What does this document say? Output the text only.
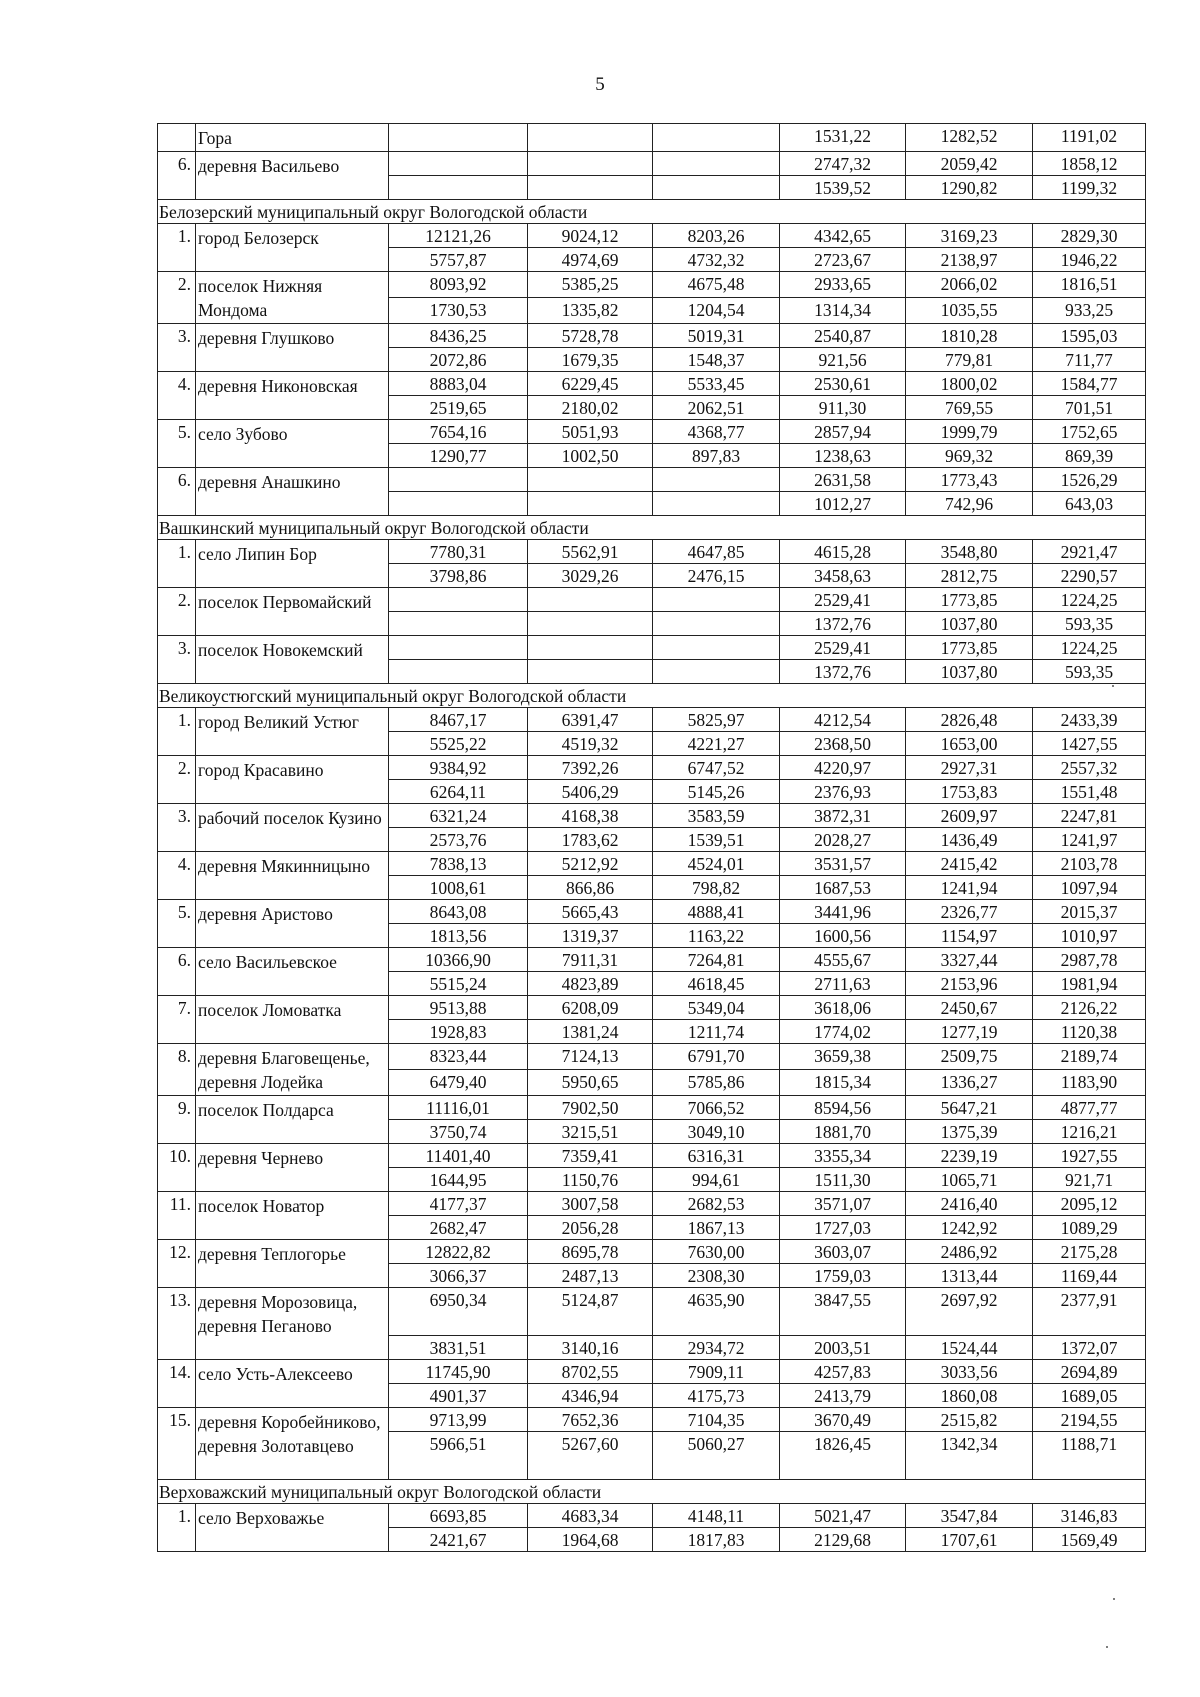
5
	Гора				1531,22	1282,52	1191,02
6.	деревня Васильево				2747,32	2059,42	1858,12
					1539,52	1290,82	1199,32
Белозерский муниципальный округ Вологодской области							
1.	город Белозерск	12121,26	9024,12	8203,26	4342,65	3169,23	2829,30
		5757,87	4974,69	4732,32	2723,67	2138,97	1946,22
2.	поселок Нижняя Мондома	8093,92	5385,25	4675,48	2933,65	2066,02	1816,51
		1730,53	1335,82	1204,54	1314,34	1035,55	933,25
3.	деревня Глушково	8436,25	5728,78	5019,31	2540,87	1810,28	1595,03
		2072,86	1679,35	1548,37	921,56	779,81	711,77
4.	деревня Никоновская	8883,04	6229,45	5533,45	2530,61	1800,02	1584,77
		2519,65	2180,02	2062,51	911,30	769,55	701,51
5.	село Зубово	7654,16	5051,93	4368,77	2857,94	1999,79	1752,65
		1290,77	1002,50	897,83	1238,63	969,32	869,39
6.	деревня Анашкино				2631,58	1773,43	1526,29
					1012,27	742,96	643,03
Вашкинский муниципальный округ Вологодской области							
1.	село Липин Бор	7780,31	5562,91	4647,85	4615,28	3548,80	2921,47
		3798,86	3029,26	2476,15	3458,63	2812,75	2290,57
2.	поселок Первомайский				2529,41	1773,85	1224,25
					1372,76	1037,80	593,35
3.	поселок Новокемский				2529,41	1773,85	1224,25
					1372,76	1037,80	593,35
Великоустюгский муниципальный округ Вологодской области							
1.	город Великий Устюг	8467,17	6391,47	5825,97	4212,54	2826,48	2433,39
		5525,22	4519,32	4221,27	2368,50	1653,00	1427,55
2.	город Красавино	9384,92	7392,26	6747,52	4220,97	2927,31	2557,32
		6264,11	5406,29	5145,26	2376,93	1753,83	1551,48
3.	рабочий поселок Кузино	6321,24	4168,38	3583,59	3872,31	2609,97	2247,81
		2573,76	1783,62	1539,51	2028,27	1436,49	1241,97
4.	деревня Мякинницыно	7838,13	5212,92	4524,01	3531,57	2415,42	2103,78
		1008,61	866,86	798,82	1687,53	1241,94	1097,94
5.	деревня Аристово	8643,08	5665,43	4888,41	3441,96	2326,77	2015,37
		1813,56	1319,37	1163,22	1600,56	1154,97	1010,97
6.	село Васильевское	10366,90	7911,31	7264,81	4555,67	3327,44	2987,78
		5515,24	4823,89	4618,45	2711,63	2153,96	1981,94
7.	поселок Ломоватка	9513,88	6208,09	5349,04	3618,06	2450,67	2126,22
		1928,83	1381,24	1211,74	1774,02	1277,19	1120,38
8.	деревня Благовещенье, деревня Лодейка	8323,44	7124,13	6791,70	3659,38	2509,75	2189,74
		6479,40	5950,65	5785,86	1815,34	1336,27	1183,90
9.	поселок Полдарса	11116,01	7902,50	7066,52	8594,56	5647,21	4877,77
		3750,74	3215,51	3049,10	1881,70	1375,39	1216,21
10.	деревня Чернево	11401,40	7359,41	6316,31	3355,34	2239,19	1927,55
		1644,95	1150,76	994,61	1511,30	1065,71	921,71
11.	поселок Новатор	4177,37	3007,58	2682,53	3571,07	2416,40	2095,12
		2682,47	2056,28	1867,13	1727,03	1242,92	1089,29
12.	деревня Теплогорье	12822,82	8695,78	7630,00	3603,07	2486,92	2175,28
		3066,37	2487,13	2308,30	1759,03	1313,44	1169,44
13.	деревня Морозовица, деревня Пеганово	6950,34	5124,87	4635,90	3847,55	2697,92	2377,91
		3831,51	3140,16	2934,72	2003,51	1524,44	1372,07
14.	село Усть-Алексеево	11745,90	8702,55	7909,11	4257,83	3033,56	2694,89
		4901,37	4346,94	4175,73	2413,79	1860,08	1689,05
15.	деревня Коробейниково, деревня Золотавцево	9713,99	7652,36	7104,35	3670,49	2515,82	2194,55
		5966,51	5267,60	5060,27	1826,45	1342,34	1188,71
Верховажский муниципальный округ Вологодской области							
1.	село Верховажье	6693,85	4683,34	4148,11	5021,47	3547,84	3146,83
		2421,67	1964,68	1817,83	2129,68	1707,61	1569,49
